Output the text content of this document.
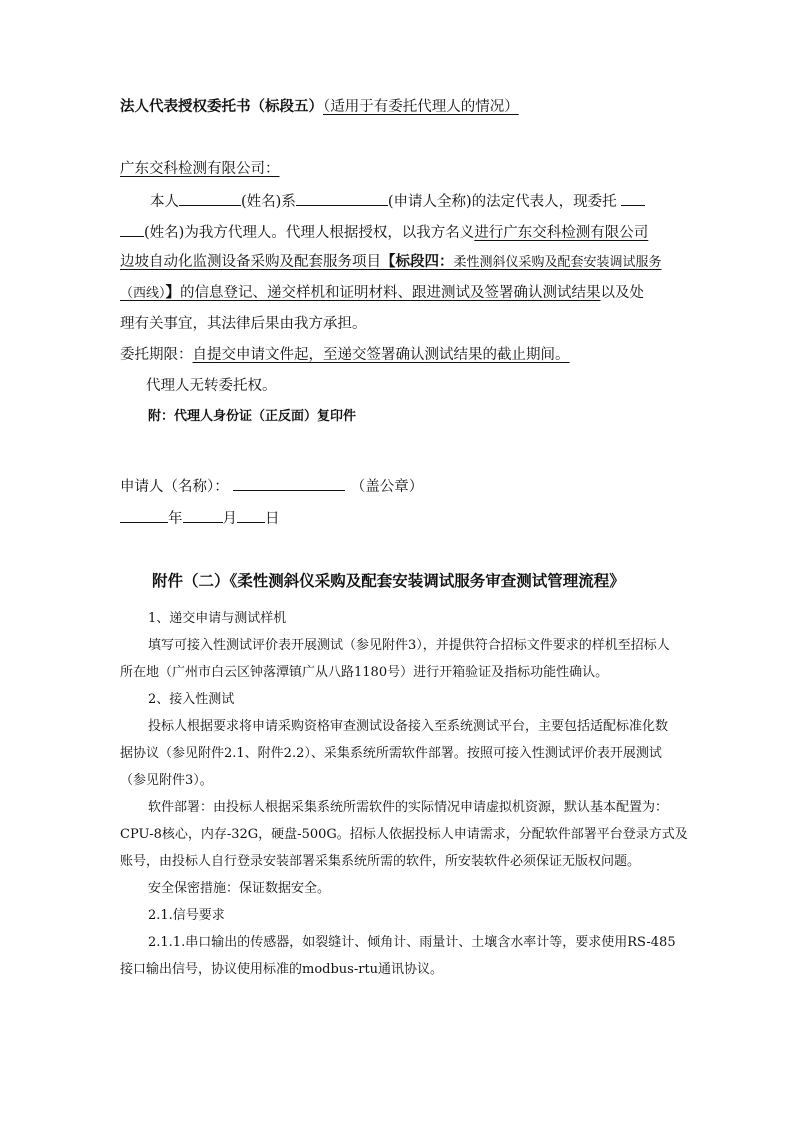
法人代表授权委托书（标段五）（适用于有委托代理人的情况）
广东交科检测有限公司：
本人	(姓名)系	(申请人全称)的法定代表人，现委托
(姓名)为我方代理人。代理人根据授权，以我方名义进行广东交科检测有限公司
边坡自动化监测设备采购及配套服务项目【标段四：柔性测斜仪采购及配套安装调试服务
（西线）】的信息登记、递交样机和证明材料、跟进测试及签署确认测试结果以及处
理有关事宜，其法律后果由我方承担。
委托期限：自提交申请文件起，至递交签署确认测试结果的截止期间。
代理人无转委托权。
附：代理人身份证（正反面）复印件
申请人（名称）：	（盖公章）
年	月 日
附件（二）《柔性测斜仪采购及配套安装调试服务审查测试管理流程》
1、递交申请与测试样机
填写可接入性测试评价表开展测试（参见附件3），并提供符合招标文件要求的样机至招标人
所在地（广州市白云区钟落潭镇广从八路1180号）进行开箱验证及指标功能性确认。
2、接入性测试
投标人根据要求将申请采购资格审查测试设备接入至系统测试平台，主要包括适配标准化数
据协议（参见附件2.1、附件2.2）、采集系统所需软件部署。按照可接入性测试评价表开展测试
（参见附件3）。
软件部署：由投标人根据采集系统所需软件的实际情况申请虚拟机资源，默认基本配置为：
CPU-8核心，内存-32G，硬盘-500G。招标人依据投标人申请需求，分配软件部署平台登录方式及
账号，由投标人自行登录安装部署采集系统所需的软件，所安装软件必须保证无版权问题。
安全保密措施：保证数据安全。
2.1.信号要求
2.1.1.串口输出的传感器，如裂缝计、倾角计、雨量计、土壤含水率计等，要求使用RS-485
接口输出信号，协议使用标准的modbus-rtu通讯协议。
